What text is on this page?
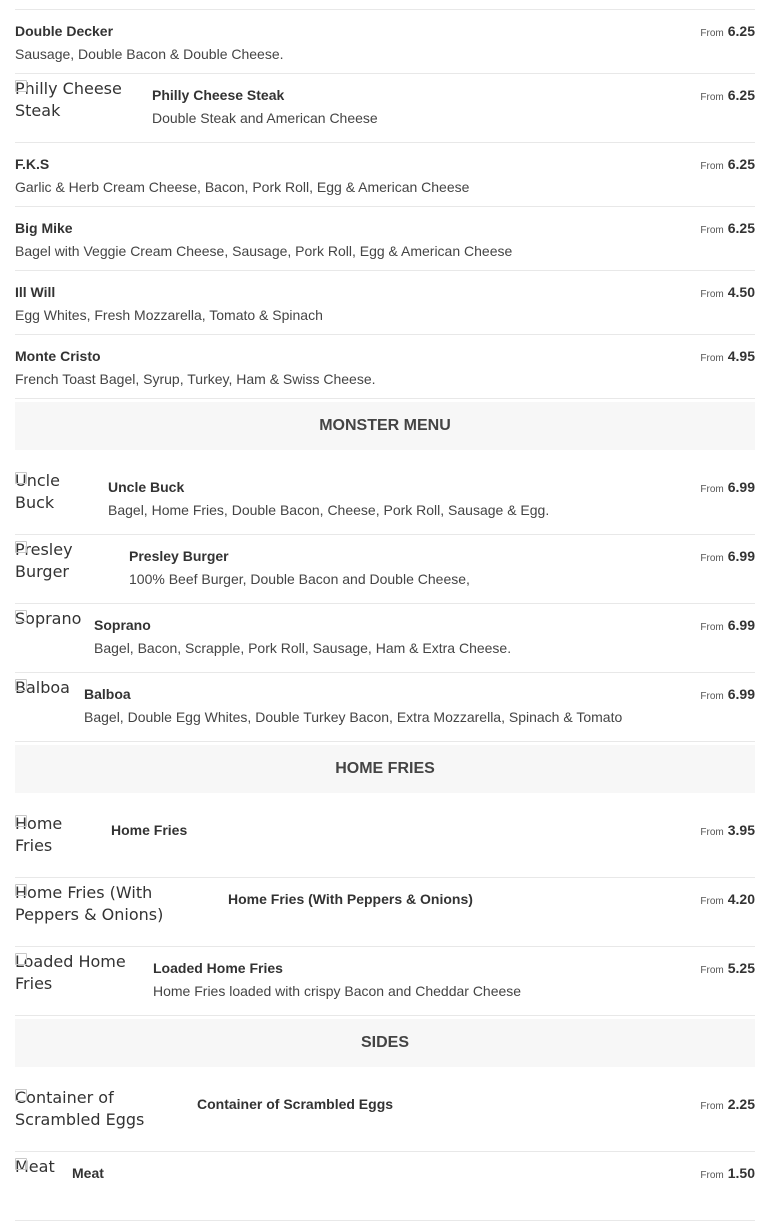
Double Decker
Sausage, Double Bacon & Double Cheese.
From 6.25
Philly Cheese Steak
Philly Cheese Steak
Double Steak and American Cheese
From 6.25
F.K.S
Garlic & Herb Cream Cheese, Bacon, Pork Roll, Egg & American Cheese
From 6.25
Big Mike
Bagel with Veggie Cream Cheese, Sausage, Pork Roll, Egg & American Cheese
From 6.25
Ill Will
Egg Whites, Fresh Mozzarella, Tomato & Spinach
From 4.50
Monte Cristo
French Toast Bagel, Syrup, Turkey, Ham & Swiss Cheese.
From 4.95
MONSTER MENU
Uncle Buck
Uncle Buck
Bagel, Home Fries, Double Bacon, Cheese, Pork Roll, Sausage & Egg.
From 6.99
Presley Burger
Presley Burger
100% Beef Burger, Double Bacon and Double Cheese,
From 6.99
Soprano Soprano
Bagel, Bacon, Scrapple, Pork Roll, Sausage, Ham & Extra Cheese.
From 6.99
Balboa Balboa
Bagel, Double Egg Whites, Double Turkey Bacon, Extra Mozzarella, Spinach & Tomato
From 6.99
HOME FRIES
Home Fries
Home Fries	From 3.95
Home Fries (With Peppers & Onions)
Home Fries (With Peppers & Onions)	From 4.20
Loaded Home Fries
Loaded Home Fries
Home Fries loaded with crispy Bacon and Cheddar Cheese
From 5.25
SIDES
Container of Scrambled Eggs
Container of Scrambled Eggs	From 2.25
Meat Meat	From 1.50
